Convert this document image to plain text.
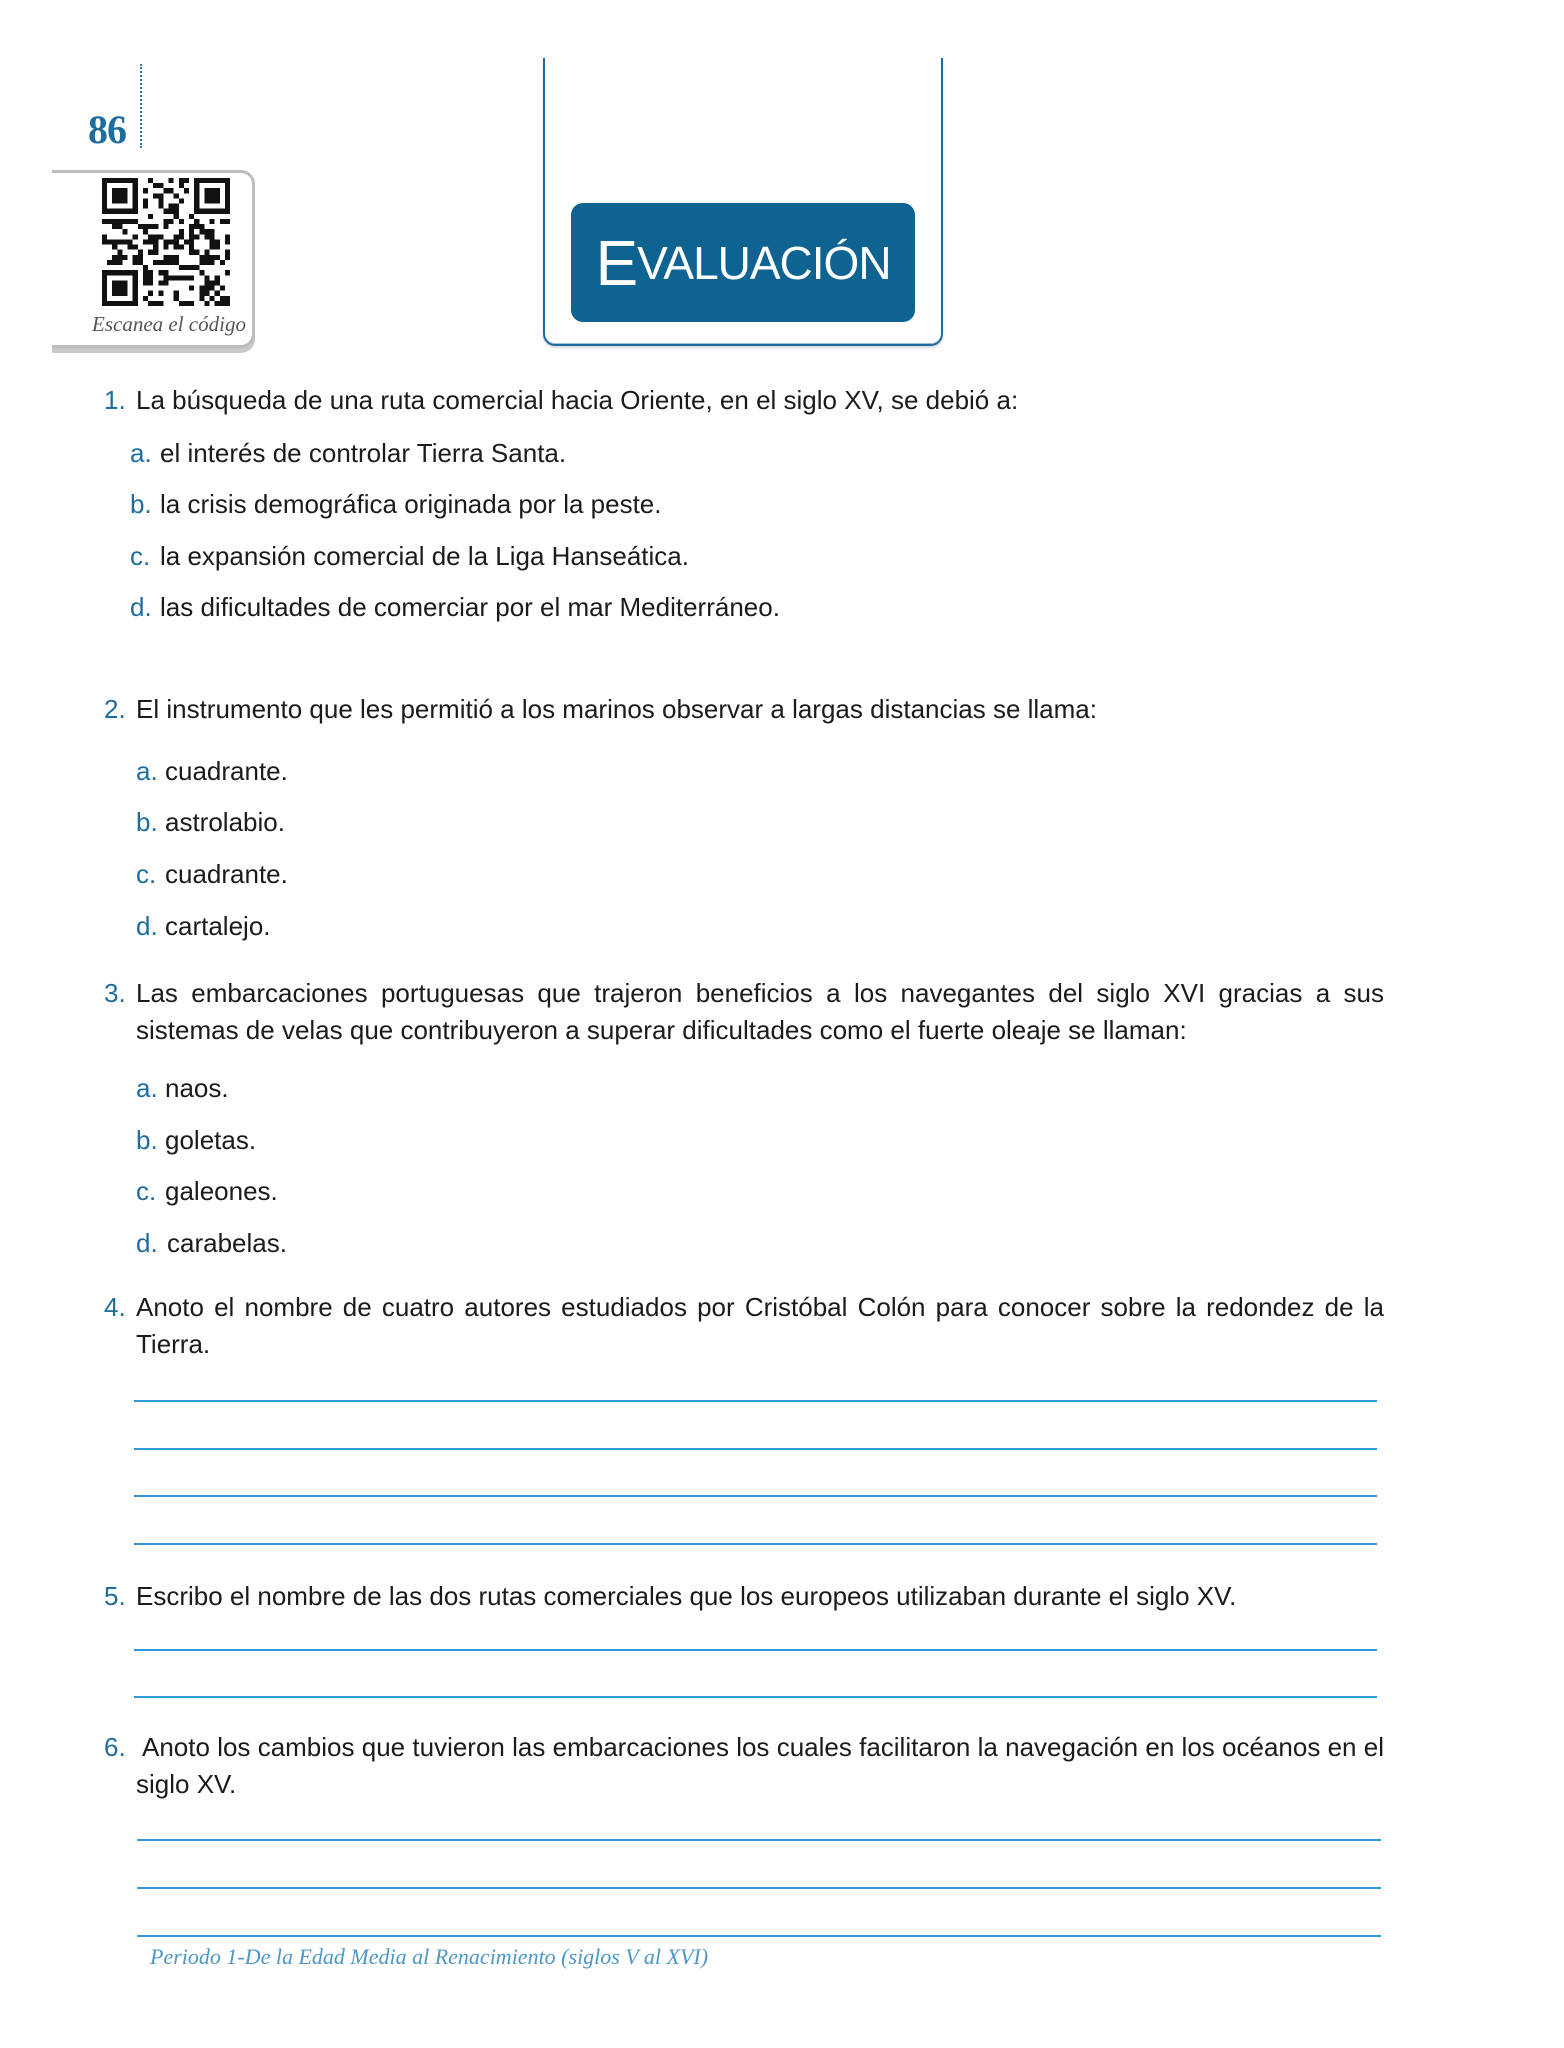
86
Escanea el código
E VALUACIÓN
1. La búsqueda de una ruta comercial hacia Oriente, en el siglo XV, se debió a:
a. el interés de controlar Tierra Santa.
b. la crisis demográfica originada por la peste.
c. la expansión comercial de la Liga Hanseática.
d. las dificultades de comerciar por el mar Mediterráneo.
2. El instrumento que les permitió a los marinos observar a largas distancias se llama:
a. cuadrante.
b. astrolabio.
c. cuadrante.
d. cartalejo.
3. Las embarcaciones portuguesas que trajeron beneficios a los navegantes del siglo XVI gracias a sus sistemas de velas que contribuyeron a superar dificultades como el fuerte oleaje se llaman:
a. naos.
b. goletas.
c. galeones.
d. carabelas.
4. Anoto el nombre de cuatro autores estudiados por Cristóbal Colón para conocer sobre la redondez de la Tierra.
5. Escribo el nombre de las dos rutas comerciales que los europeos utilizaban durante el siglo XV.
6. Anoto los cambios que tuvieron las embarcaciones los cuales facilitaron la navegación en los océanos en el siglo XV.
Periodo 1-De la Edad Media al Renacimiento (siglos V al XVI)
